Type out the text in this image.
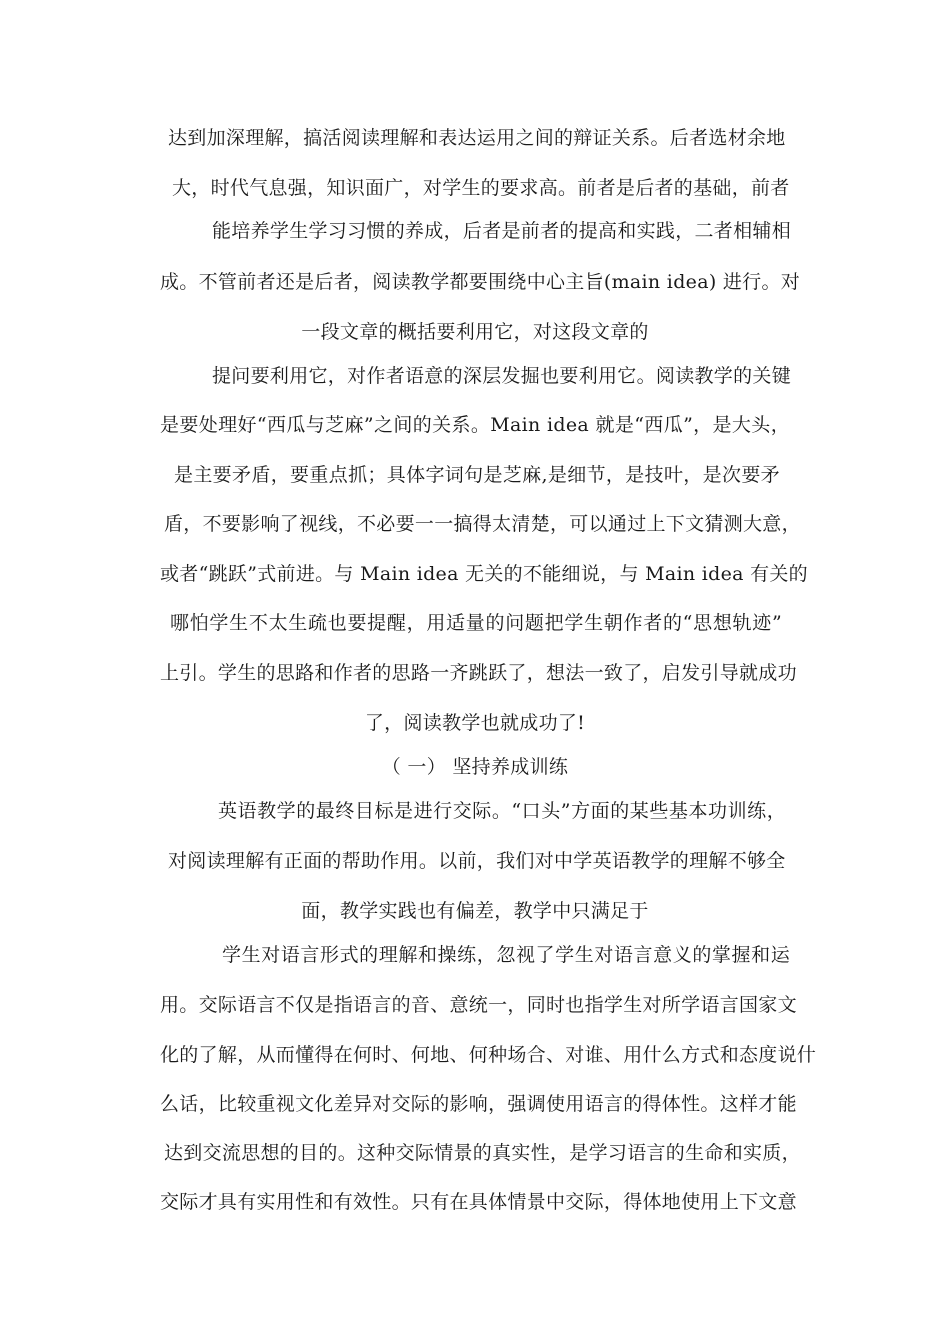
达到加深理解，搞活阅读理解和表达运用之间的辩证关系。后者选材余地
大，时代气息强，知识面广，对学生的要求高。前者是后者的基础，前者
能培养学生学习习惯的养成，后者是前者的提高和实践，二者相辅相
成。不管前者还是后者，阅读教学都要围绕中心主旨(main idea) 进行。对
一段文章的概括要利用它，对这段文章的
提问要利用它，对作者语意的深层发掘也要利用它。阅读教学的关键
是要处理好“西瓜与芝麻”之间的关系。Main idea 就是“西瓜”，是大头，
是主要矛盾，要重点抓；具体字词句是芝麻,是细节，是技叶，是次要矛
盾，不要影响了视线，不必要一一搞得太清楚，可以通过上下文猜测大意，
或者“跳跃”式前进。与 Main idea 无关的不能细说，与 Main idea 有关的
哪怕学生不太生疏也要提醒，用适量的问题把学生朝作者的“思想轨迹”
上引。学生的思路和作者的思路一齐跳跃了，想法一致了，启发引导就成功
了，阅读教学也就成功了!
（ 一） 坚持养成训练
英语教学的最终目标是进行交际。“口头”方面的某些基本功训练，
对阅读理解有正面的帮助作用。以前，我们对中学英语教学的理解不够全
面，教学实践也有偏差，教学中只满足于
学生对语言形式的理解和操练，忽视了学生对语言意义的掌握和运
用。交际语言不仅是指语言的音、意统一，同时也指学生对所学语言国家文
化的了解，从而懂得在何时、何地、何种场合、对谁、用什么方式和态度说什
么话，比较重视文化差异对交际的影响，强调使用语言的得体性。这样才能
达到交流思想的目的。这种交际情景的真实性，是学习语言的生命和实质，
交际才具有实用性和有效性。只有在具体情景中交际，得体地使用上下文意
